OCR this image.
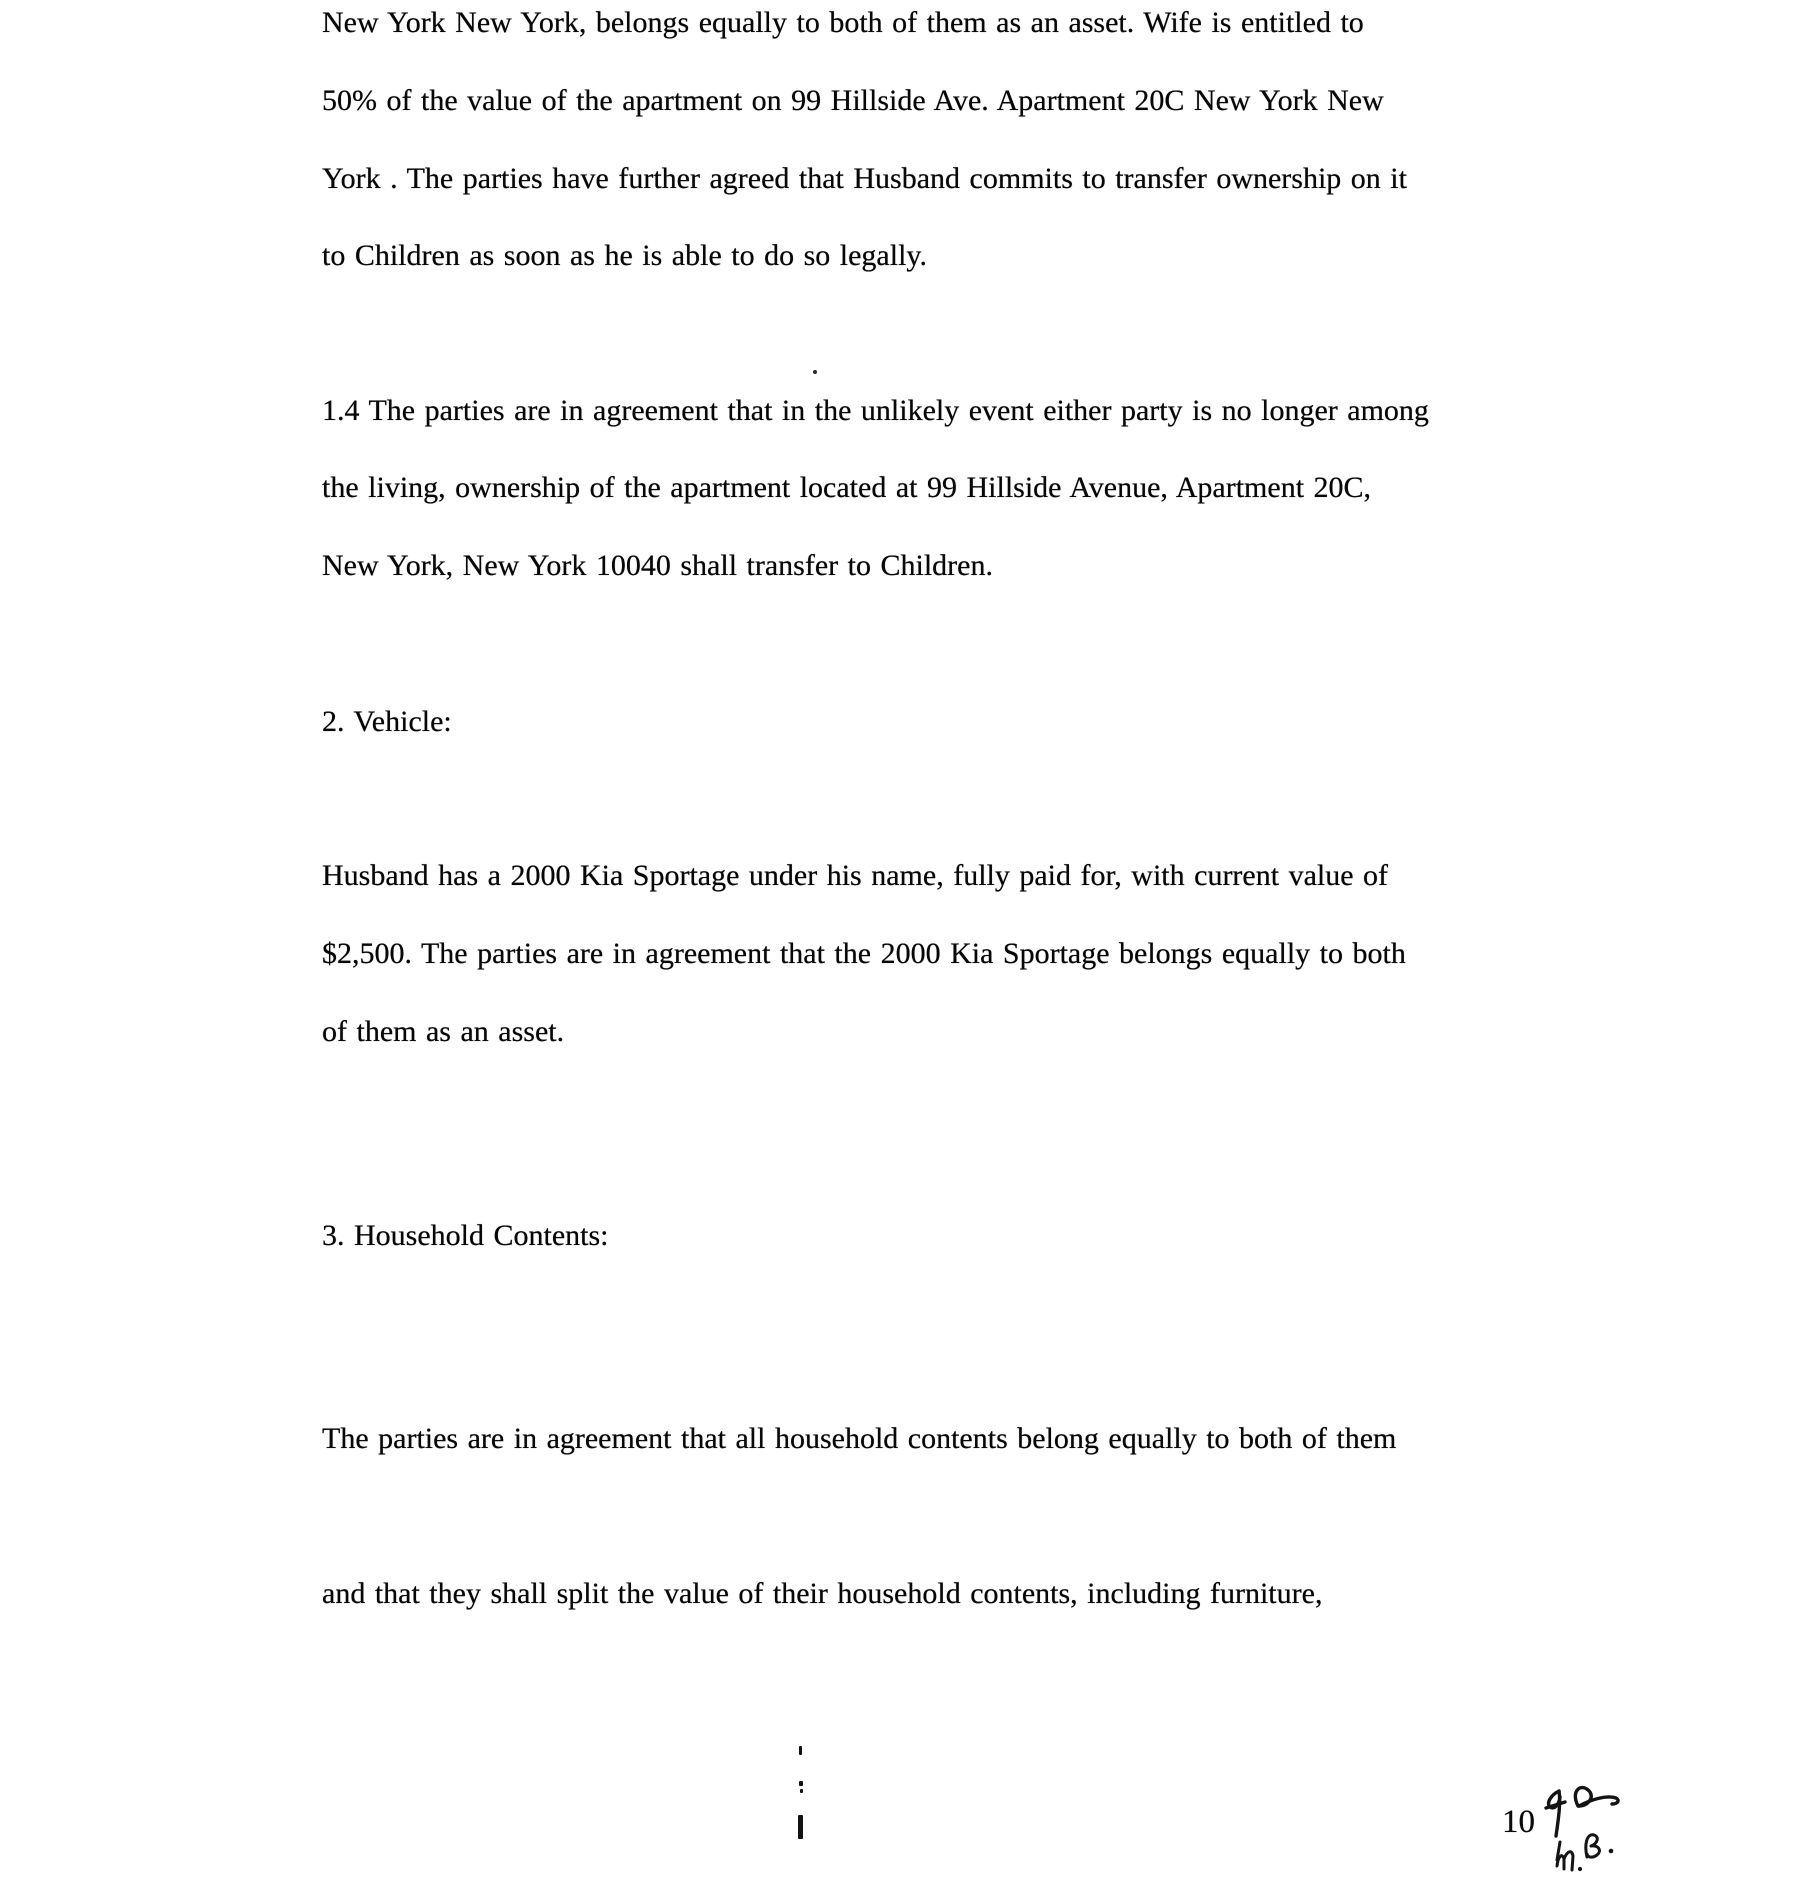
New York New York, belongs equally to both of them as an asset. Wife is entitled to
50% of the value of the apartment on 99 Hillside Ave. Apartment 20C New York New
York . The parties have further agreed that Husband commits to transfer ownership on it
to Children as soon as he is able to do so legally.
1.4 The parties are in agreement that in the unlikely event either party is no longer among
the living, ownership of the apartment located at 99 Hillside Avenue, Apartment 20C,
New York, New York 10040 shall transfer to Children.
2. Vehicle:
Husband has a 2000 Kia Sportage under his name, fully paid for, with current value of
$2,500. The parties are in agreement that the 2000 Kia Sportage belongs equally to both
of them as an asset.
3. Household Contents:
The parties are in agreement that all household contents belong equally to both of them
and that they shall split the value of their household contents, including furniture,
10
